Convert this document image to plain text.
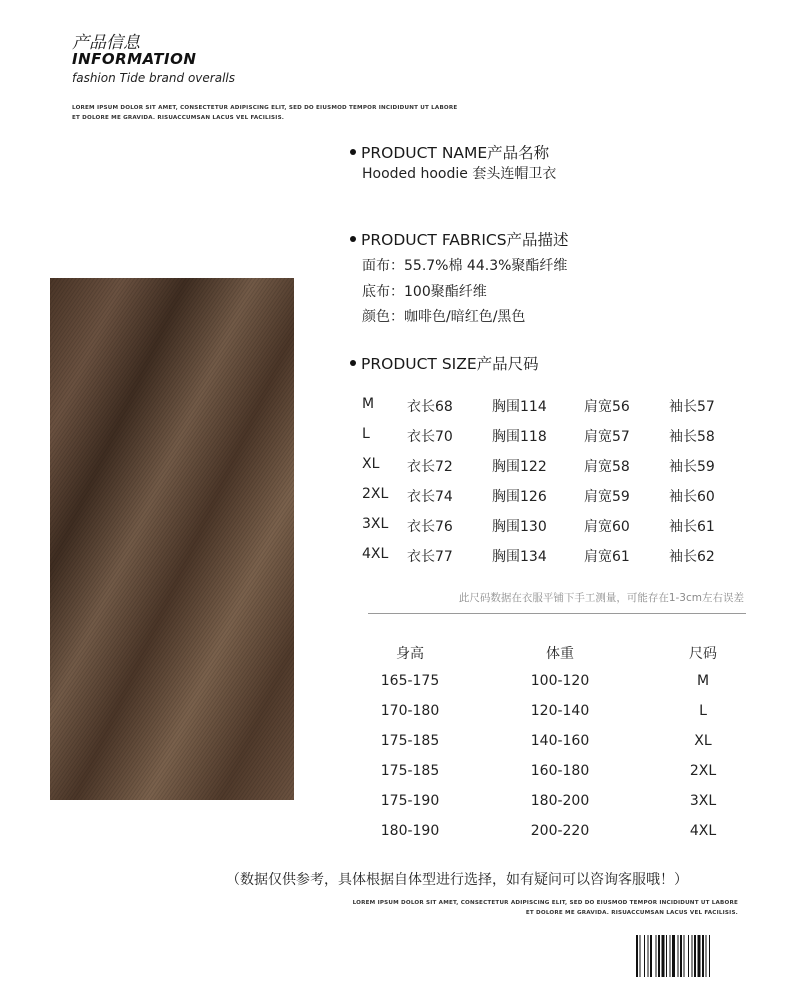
产品信息
INFORMATION
fashion Tide brand overalls
LOREM IPSUM DOLOR SIT AMET, CONSECTETUR ADIPISCING ELIT, SED DO EIUSMOD TEMPOR INCIDIDUNT UT LABORE
ET DOLORE ME GRAVIDA. RISUACCUMSAN LACUS VEL FACILISIS.
PRODUCT NAME产品名称
Hooded hoodie 套头连帽卫衣
PRODUCT FABRICS产品描述
面布：55.7%棉 44.3%聚酯纤维
底布：100聚酯纤维
颜色：咖啡色/暗红色/黑色
PRODUCT SIZE产品尺码
M 衣长68	胸围114	肩宽56	袖长57
L	衣长70	胸围118	肩宽57	袖长58
XL 衣长72	胸围122	肩宽58	袖长59
2XL 衣长74	胸围126	肩宽59	袖长60
3XL 衣长76	胸围130	肩宽60	袖长61
4XL 衣长77	胸围134	肩宽61	袖长62
此尺码数据在衣服平铺下手工测量，可能存在1-3cm左右误差
身高	体重	尺码
165-175	100-120	M
170-180	120-140	L
175-185	140-160	XL
175-185	160-180	2XL
175-190	180-200	3XL
180-190	200-220	4XL
（数据仅供参考，具体根据自体型进行选择，如有疑问可以咨询客服哦！）
LOREM IPSUM DOLOR SIT AMET, CONSECTETUR ADIPISCING ELIT, SED DO EIUSMOD TEMPOR INCIDIDUNT UT LABORE
ET DOLORE ME GRAVIDA. RISUACCUMSAN LACUS VEL FACILISIS.
